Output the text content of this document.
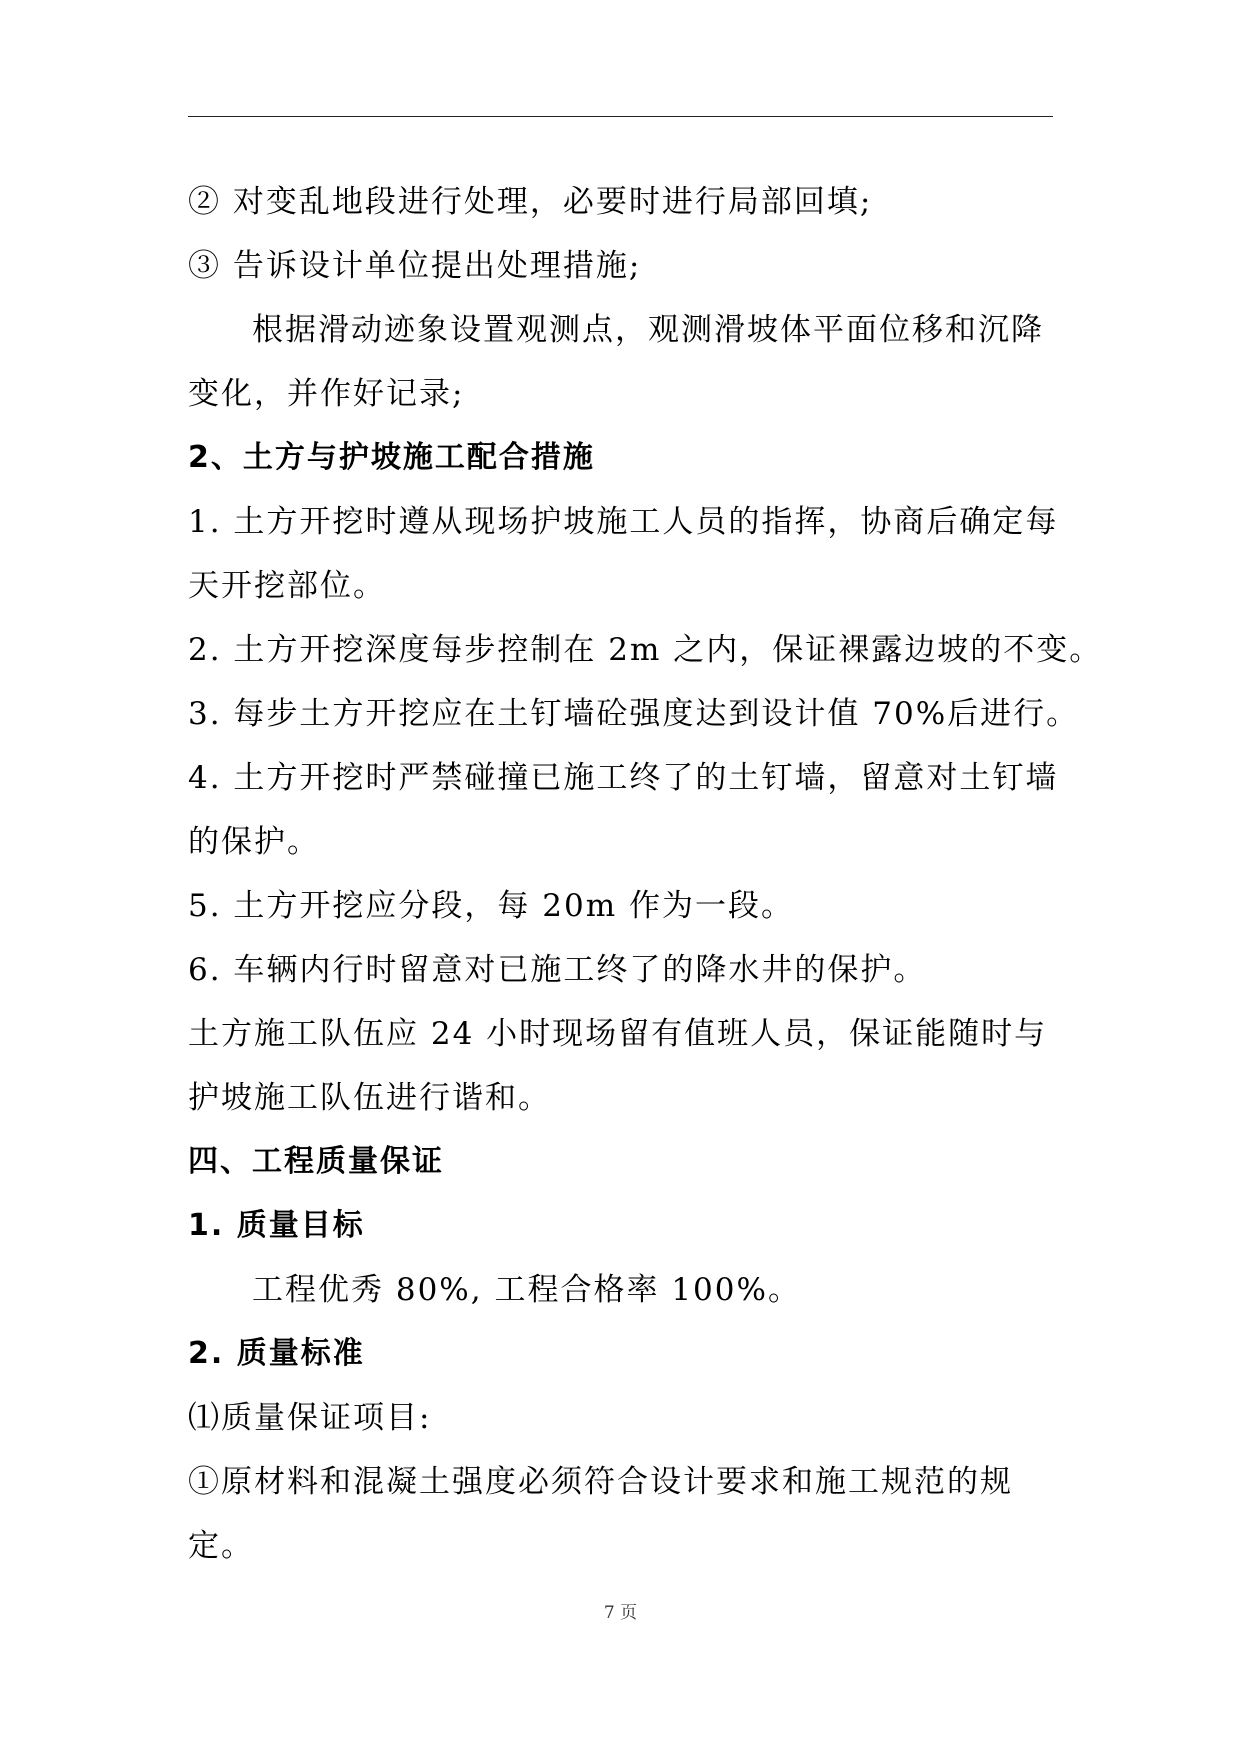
② 对变乱地段进行处理，必要时进行局部回填;
③ 告诉设计单位提出处理措施;
根据滑动迹象设置观测点，观测滑坡体平面位移和沉降
变化，并作好记录;
2、土方与护坡施工配合措施
1. 土方开挖时遵从现场护坡施工人员的指挥，协商后确定每
天开挖部位。
2. 土方开挖深度每步控制在 2m 之内，保证裸露边坡的不变。
3. 每步土方开挖应在土钉墙砼强度达到设计值 70%后进行。
4. 土方开挖时严禁碰撞已施工终了的土钉墙，留意对土钉墙
的保护。
5. 土方开挖应分段，每 20m 作为一段。
6. 车辆内行时留意对已施工终了的降水井的保护。
土方施工队伍应 24 小时现场留有值班人员，保证能随时与
护坡施工队伍进行谐和。
四、工程质量保证
1. 质量目标
工程优秀 80%, 工程合格率 100%。
2. 质量标准
⑴质量保证项目:
①原材料和混凝土强度必须符合设计要求和施工规范的规
定。
7 页
